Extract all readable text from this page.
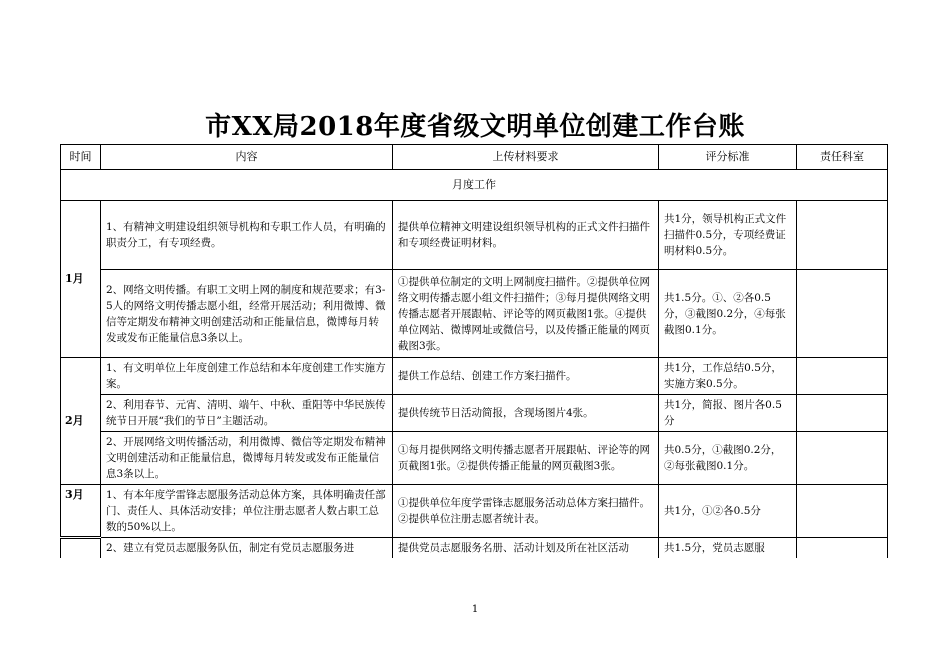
市XX局2018年度省级文明单位创建工作台账
时间	内容	上传材料要求	评分标准	责任科室
月度工作				
1月	1、有精神文明建设组织领导机构和专职工作人员，有明确的职责分工，有专项经费。	提供单位精神文明建设组织领导机构的正式文件扫描件和专项经费证明材料。	共1分，领导机构正式文件扫描件0.5分，专项经费证明材料0.5分。	
	2、网络文明传播。有职工文明上网的制度和规范要求；有3-5人的网络文明传播志愿小组，经常开展活动；利用微博、微信等定期发布精神文明创建活动和正能量信息，微博每月转发或发布正能量信息3条以上。	①提供单位制定的文明上网制度扫描件。②提供单位网络文明传播志愿小组文件扫描件；③每月提供网络文明传播志愿者开展跟帖、评论等的网页截图1张。④提供单位网站、微博网址或微信号，以及传播正能量的网页截图3张。	共1.5分。①、②各0.5分，③截图0.2分，④每张截图0.1分。	
2月	1、有文明单位上年度创建工作总结和本年度创建工作实施方案。	提供工作总结、创建工作方案扫描件。	共1分，工作总结0.5分，实施方案0.5分。	
	2、利用春节、元宵、清明、端午、中秋、重阳等中华民族传统节日开展“我们的节日”主题活动。	提供传统节日活动简报，含现场图片4张。	共1分，简报、图片各0.5分	
	2、开展网络文明传播活动，利用微博、微信等定期发布精神文明创建活动和正能量信息，微博每月转发或发布正能量信息3条以上。	①每月提供网络文明传播志愿者开展跟帖、评论等的网页截图1张。②提供传播正能量的网页截图3张。	共0.5分，①截图0.2分，②每张截图0.1分。	
3月	1、有本年度学雷锋志愿服务活动总体方案，具体明确责任部门、责任人、具体活动安排；单位注册志愿者人数占职工总数的50%以上。	①提供单位年度学雷锋志愿服务活动总体方案扫描件。②提供单位注册志愿者统计表。	共1分，①②各0.5分	
	2、建立有党员志愿服务队伍，制定有党员志愿服务进	提供党员志愿服务名册、活动计划及所在社区活动	共1.5分，党员志愿服	
1
